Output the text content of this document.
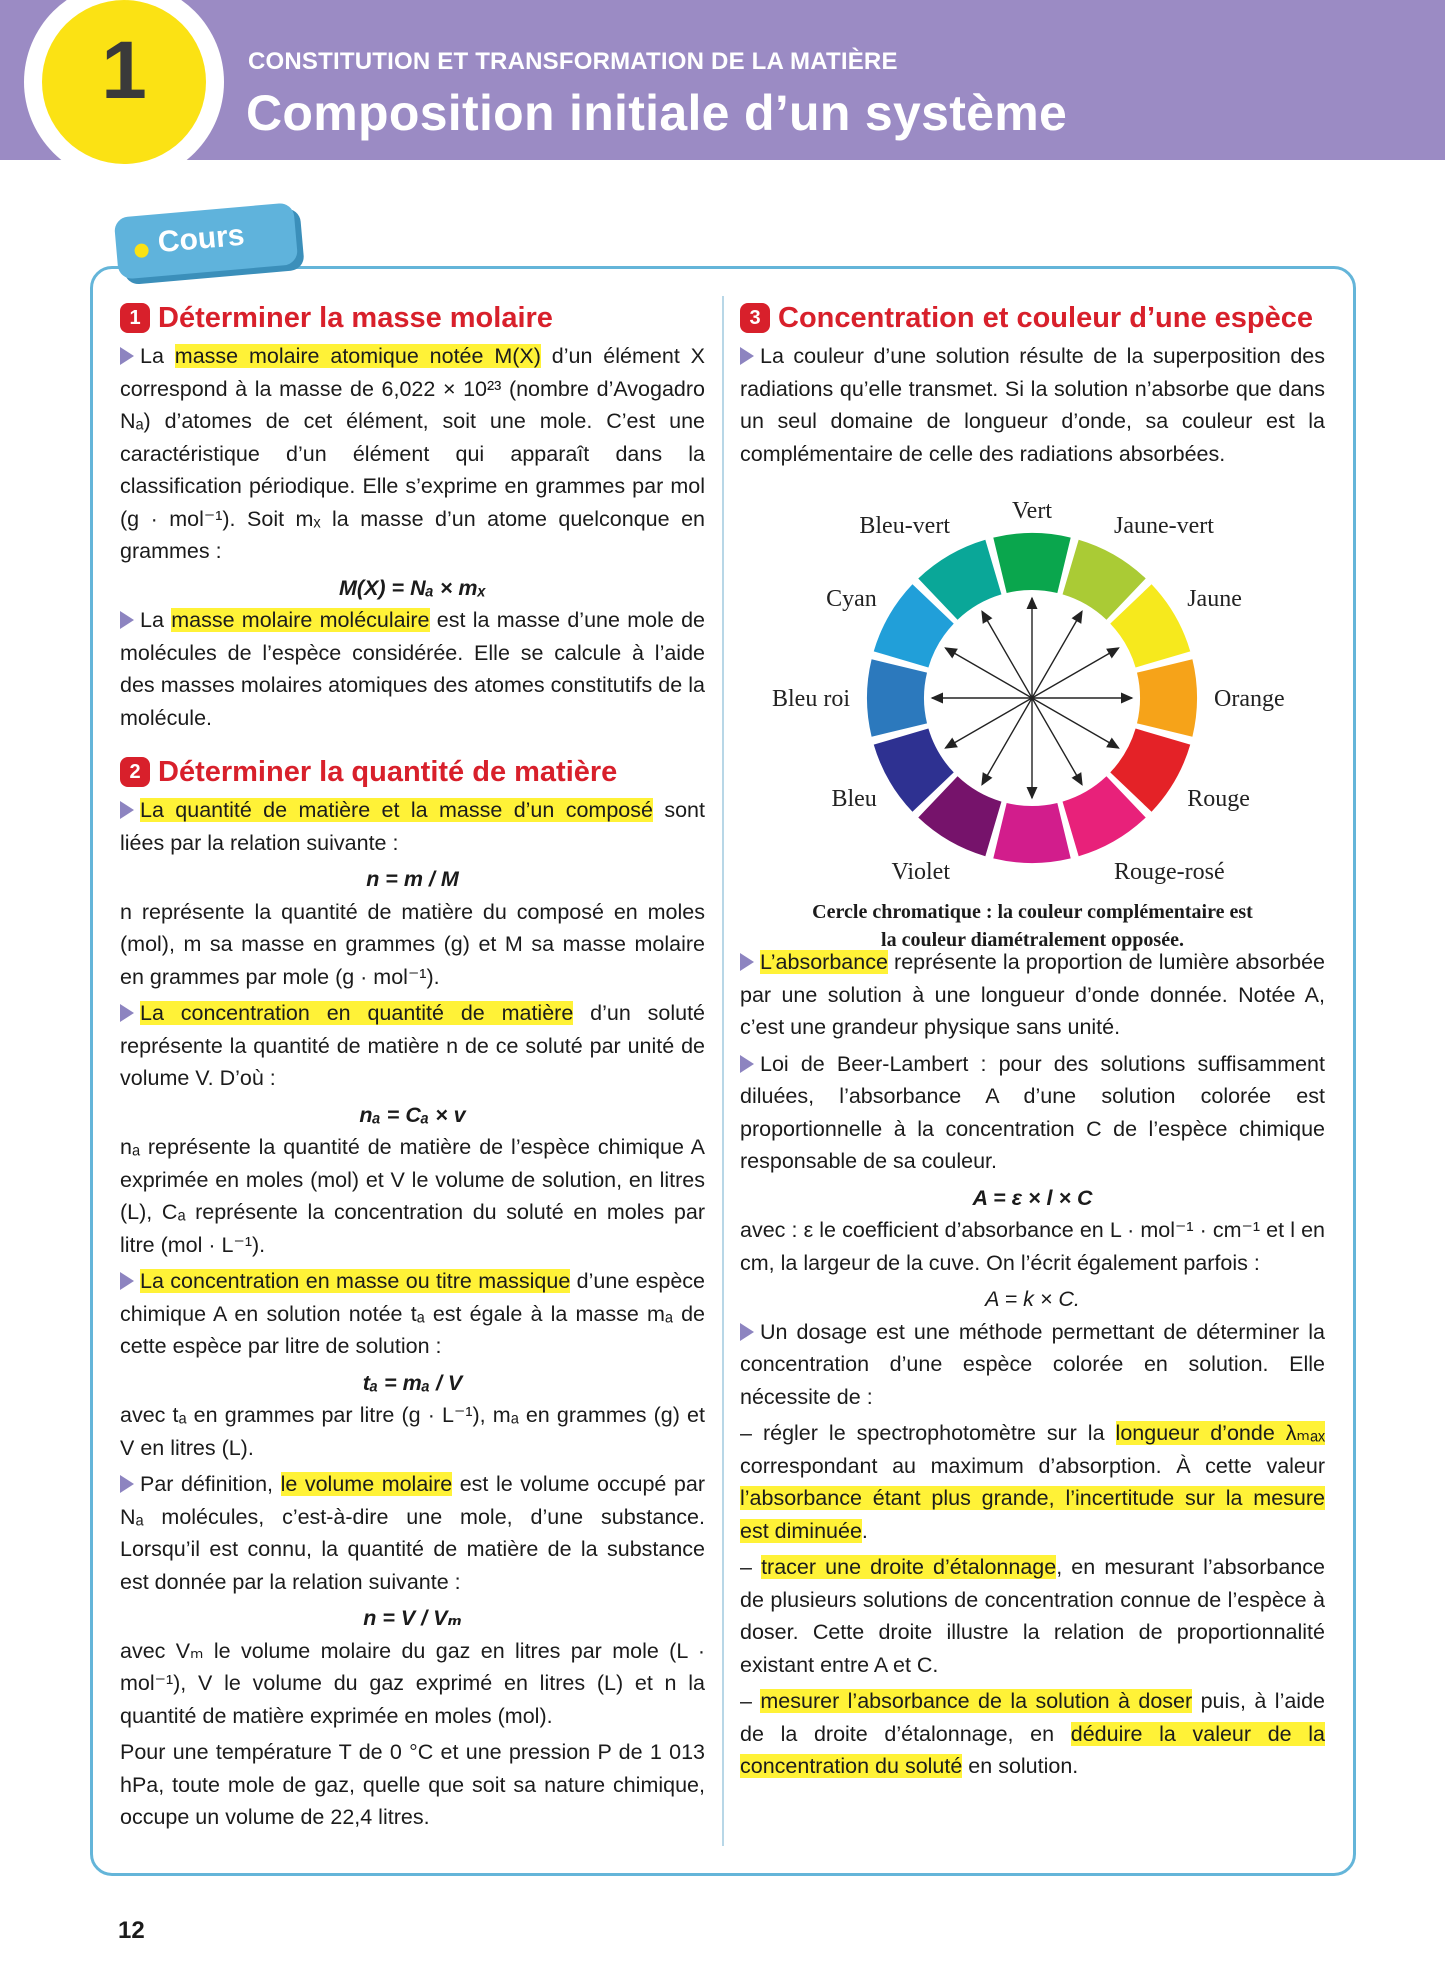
1	CONSTITUTION ET TRANSFORMATION DE LA MATIÈRE
Composition initiale d’un système
Cours
1 Déterminer la masse molaire

La masse molaire atomique notée M(X) d’un élément X correspond à la masse de 6,022 × 10²³ (nombre d’Avogadro Nₐ) d’atomes de cet élément, soit une mole. C’est une caractéristique d’un élément qui apparaît dans la classification périodique. Elle s’exprime en grammes par mol (g · mol⁻¹). Soit mₓ la masse d’un atome quelconque en grammes :

M(X) = Nₐ × mₓ

La masse molaire moléculaire est la masse d’une mole de molécules de l’espèce considérée. Elle se calcule à l’aide des masses molaires atomiques des atomes constitutifs de la molécule.

2 Déterminer la quantité de matière

La quantité de matière et la masse d’un composé sont liées par la relation suivante :

n = m / M

n représente la quantité de matière du composé en moles (mol), m sa masse en grammes (g) et M sa masse molaire en grammes par mole (g · mol⁻¹).

La concentration en quantité de matière d’un soluté représente la quantité de matière n de ce soluté par unité de volume V. D’où :

nₐ = Cₐ × v

nₐ représente la quantité de matière de l’espèce chimique A exprimée en moles (mol) et V le volume de solution, en litres (L), Cₐ représente la concentration du soluté en moles par litre (mol · L⁻¹).

La concentration en masse ou titre massique d’une espèce chimique A en solution notée tₐ est égale à la masse mₐ de cette espèce par litre de solution :

tₐ = mₐ / V

avec tₐ en grammes par litre (g · L⁻¹), mₐ en grammes (g) et V en litres (L).

Par définition, le volume molaire est le volume occupé par Nₐ molécules, c’est-à-dire une mole, d’une substance. Lorsqu’il est connu, la quantité de matière de la substance est donnée par la relation suivante :

n = V / Vₘ

avec Vₘ le volume molaire du gaz en litres par mole (L · mol⁻¹), V le volume du gaz exprimé en litres (L) et n la quantité de matière exprimée en moles (mol).

Pour une température T de 0 °C et une pression P de 1 013 hPa, toute mole de gaz, quelle que soit sa nature chimique, occupe un volume de 22,4 litres.

3 Concentration et couleur d’une espèce

La couleur d’une solution résulte de la superposition des radiations qu’elle transmet. Si la solution n’absorbe que dans un seul domaine de longueur d’onde, sa couleur est la complémentaire de celle des radiations absorbées.

Vert
Jaune-vert
Jaune
Orange
Rouge
Rouge-rosé
Violet
Bleu
Bleu roi
Cyan
Bleu-vert
Cercle chromatique : la couleur complémentaire est
la couleur diamétralement opposée.

L’absorbance représente la proportion de lumière absorbée par une solution à une longueur d’onde donnée. Notée A, c’est une grandeur physique sans unité.

Loi de Beer-Lambert : pour des solutions suffisamment diluées, l’absorbance A d’une solution colorée est proportionnelle à la concentration C de l’espèce chimique responsable de sa couleur.

A = ε × l × C

avec : ε le coefficient d’absorbance en L · mol⁻¹ · cm⁻¹ et l en cm, la largeur de la cuve. On l’écrit également parfois :

A = k × C.

Un dosage est une méthode permettant de déterminer la concentration d’une espèce colorée en solution. Elle nécessite de :

– régler le spectrophotomètre sur la longueur d’onde λₘₐₓ correspondant au maximum d’absorption. À cette valeur l’absorbance étant plus grande, l’incertitude sur la mesure est diminuée.

– tracer une droite d’étalonnage, en mesurant l’absorbance de plusieurs solutions de concentration connue de l’espèce à doser. Cette droite illustre la relation de proportionnalité existant entre A et C.

– mesurer l’absorbance de la solution à doser puis, à l’aide de la droite d’étalonnage, en déduire la valeur de la concentration du soluté en solution.

12
